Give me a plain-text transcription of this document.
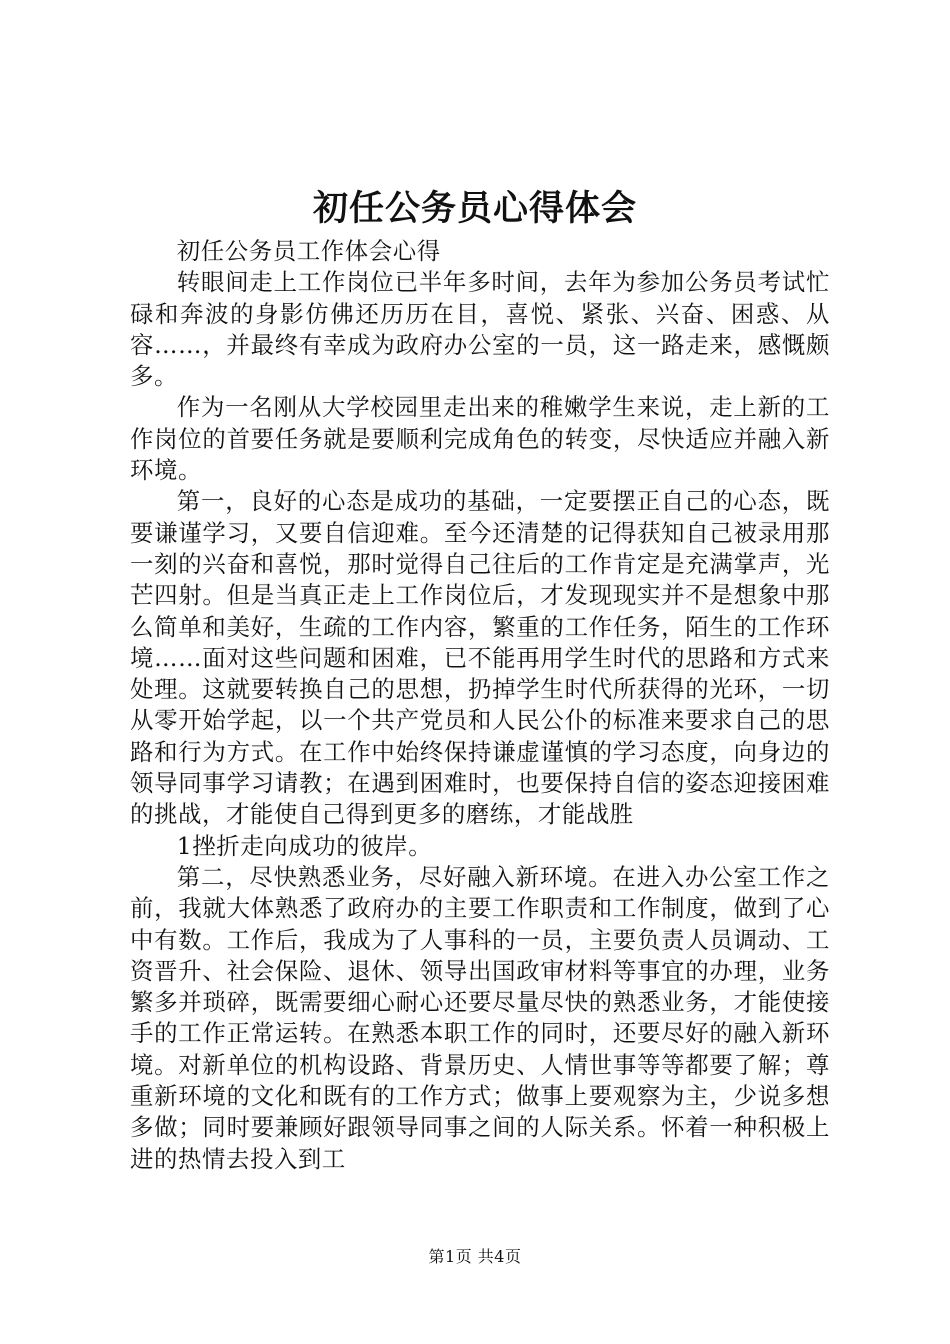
初任公务员心得体会

初任公务员工作体会心得

转眼间走上工作岗位已半年多时间，去年为参加公务员考试忙碌和奔波的身影仿佛还历历在目，喜悦、紧张、兴奋、困惑、从容……，并最终有幸成为政府办公室的一员，这一路走来，感慨颇多。

作为一名刚从大学校园里走出来的稚嫩学生来说，走上新的工作岗位的首要任务就是要顺利完成角色的转变，尽快适应并融入新环境。

第一，良好的心态是成功的基础，一定要摆正自己的心态，既要谦谨学习，又要自信迎难。至今还清楚的记得获知自己被录用那一刻的兴奋和喜悦，那时觉得自己往后的工作肯定是充满掌声，光芒四射。但是当真正走上工作岗位后，才发现现实并不是想象中那么简单和美好，生疏的工作内容，繁重的工作任务，陌生的工作环境……面对这些问题和困难，已不能再用学生时代的思路和方式来处理。这就要转换自己的思想，扔掉学生时代所获得的光环，一切从零开始学起，以一个共产党员和人民公仆的标准来要求自己的思路和行为方式。在工作中始终保持谦虚谨慎的学习态度，向身边的领导同事学习请教；在遇到困难时，也要保持自信的姿态迎接困难的挑战，才能使自己得到更多的磨练，才能战胜

1挫折走向成功的彼岸。

第二，尽快熟悉业务，尽好融入新环境。在进入办公室工作之前，我就大体熟悉了政府办的主要工作职责和工作制度，做到了心中有数。工作后，我成为了人事科的一员，主要负责人员调动、工资晋升、社会保险、退休、领导出国政审材料等事宜的办理，业务繁多并琐碎，既需要细心耐心还要尽量尽快的熟悉业务，才能使接手的工作正常运转。在熟悉本职工作的同时，还要尽好的融入新环境。对新单位的机构设路、背景历史、人情世事等等都要了解；尊重新环境的文化和既有的工作方式；做事上要观察为主，少说多想多做；同时要兼顾好跟领导同事之间的人际关系。怀着一种积极上进的热情去投入到工

第1页 共4页
